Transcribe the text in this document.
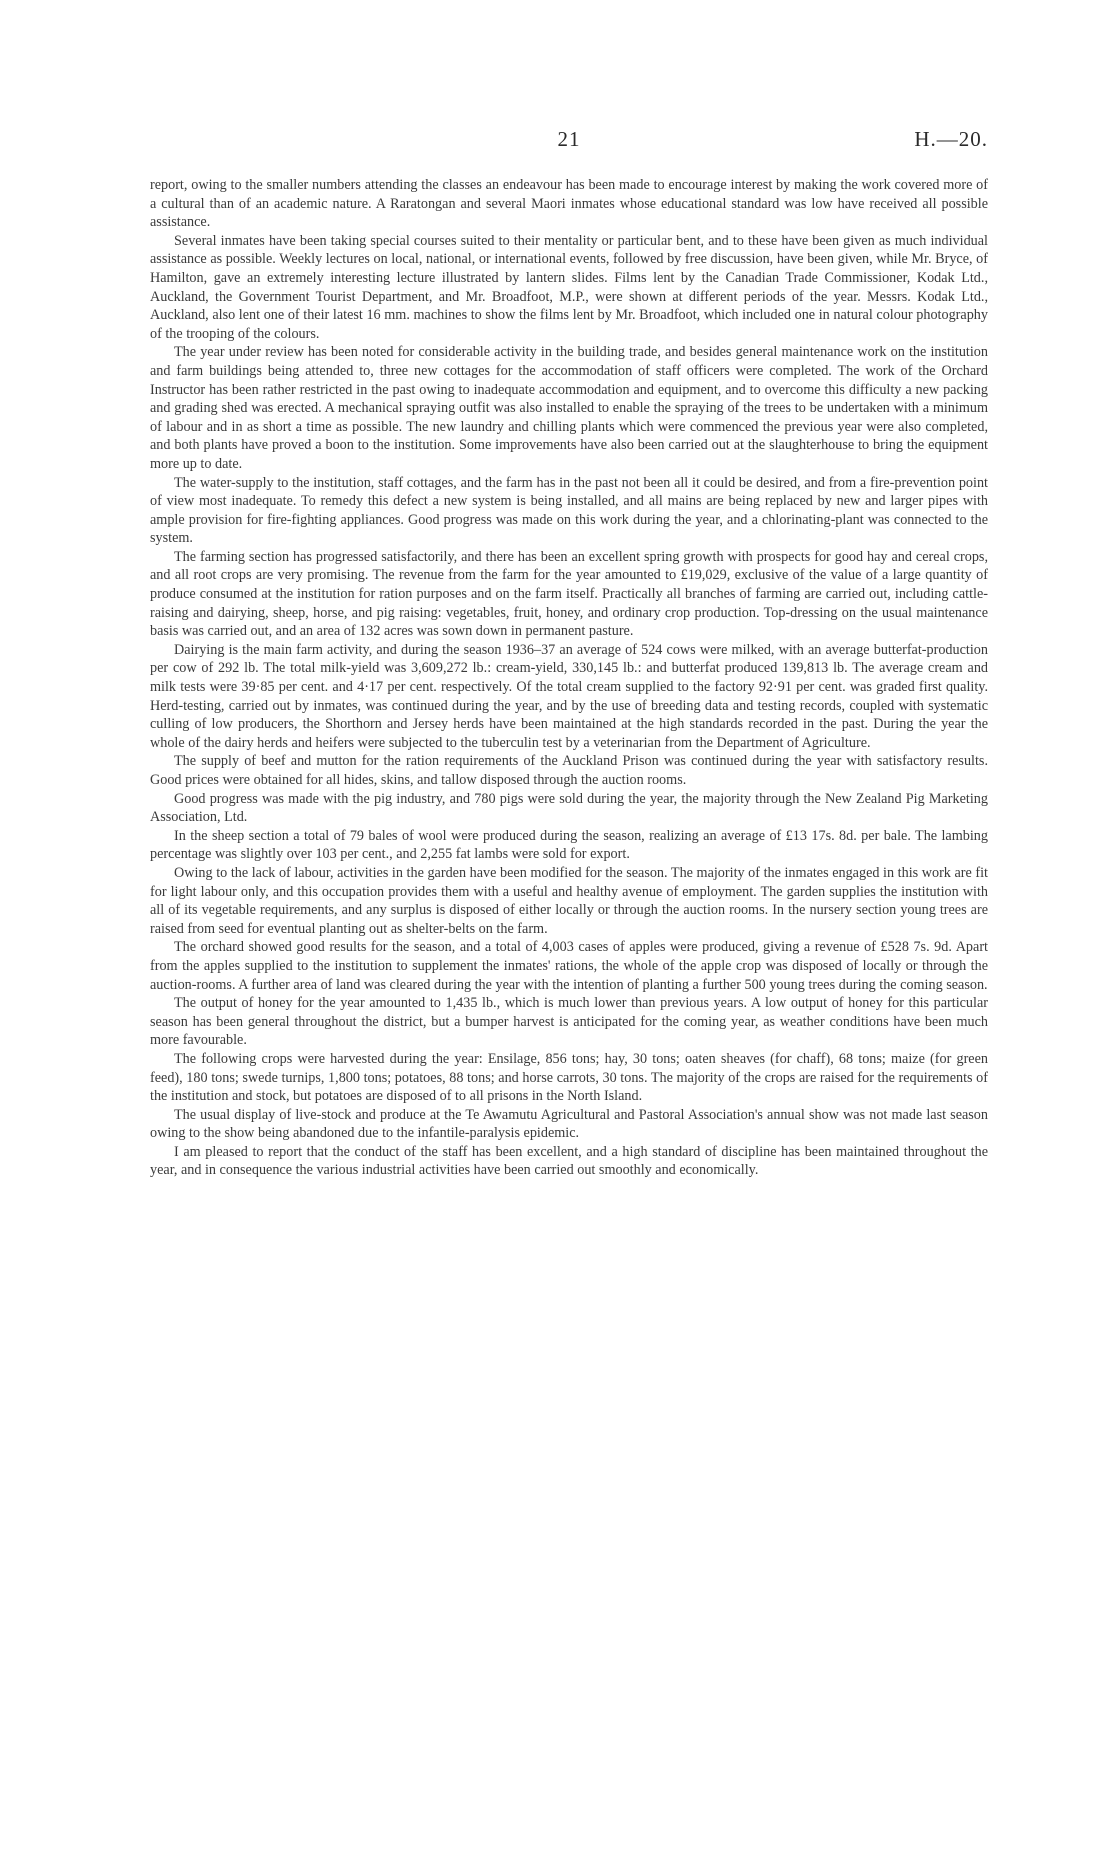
21	H.—20.

report, owing to the smaller numbers attending the classes an endeavour has been made to encourage interest by making the work covered more of a cultural than of an academic nature. A Raratongan and several Maori inmates whose educational standard was low have received all possible assistance.

Several inmates have been taking special courses suited to their mentality or particular bent, and to these have been given as much individual assistance as possible. Weekly lectures on local, national, or international events, followed by free discussion, have been given, while Mr. Bryce, of Hamilton, gave an extremely interesting lecture illustrated by lantern slides. Films lent by the Canadian Trade Commissioner, Kodak Ltd., Auckland, the Government Tourist Department, and Mr. Broadfoot, M.P., were shown at different periods of the year. Messrs. Kodak Ltd., Auckland, also lent one of their latest 16 mm. machines to show the films lent by Mr. Broadfoot, which included one in natural colour photography of the trooping of the colours.

The year under review has been noted for considerable activity in the building trade, and besides general maintenance work on the institution and farm buildings being attended to, three new cottages for the accommodation of staff officers were completed. The work of the Orchard Instructor has been rather restricted in the past owing to inadequate accommodation and equipment, and to overcome this difficulty a new packing and grading shed was erected. A mechanical spraying outfit was also installed to enable the spraying of the trees to be undertaken with a minimum of labour and in as short a time as possible. The new laundry and chilling plants which were commenced the previous year were also completed, and both plants have proved a boon to the institution. Some improvements have also been carried out at the slaughterhouse to bring the equipment more up to date.

The water-supply to the institution, staff cottages, and the farm has in the past not been all it could be desired, and from a fire-prevention point of view most inadequate. To remedy this defect a new system is being installed, and all mains are being replaced by new and larger pipes with ample provision for fire-fighting appliances. Good progress was made on this work during the year, and a chlorinating-plant was connected to the system.

The farming section has progressed satisfactorily, and there has been an excellent spring growth with prospects for good hay and cereal crops, and all root crops are very promising. The revenue from the farm for the year amounted to £19,029, exclusive of the value of a large quantity of produce consumed at the institution for ration purposes and on the farm itself. Practically all branches of farming are carried out, including cattle-raising and dairying, sheep, horse, and pig raising: vegetables, fruit, honey, and ordinary crop production. Top-dressing on the usual maintenance basis was carried out, and an area of 132 acres was sown down in permanent pasture.

Dairying is the main farm activity, and during the season 1936–37 an average of 524 cows were milked, with an average butterfat-production per cow of 292 lb. The total milk-yield was 3,609,272 lb.: cream-yield, 330,145 lb.: and butterfat produced 139,813 lb. The average cream and milk tests were 39·85 per cent. and 4·17 per cent. respectively. Of the total cream supplied to the factory 92·91 per cent. was graded first quality. Herd-testing, carried out by inmates, was continued during the year, and by the use of breeding data and testing records, coupled with systematic culling of low producers, the Shorthorn and Jersey herds have been maintained at the high standards recorded in the past. During the year the whole of the dairy herds and heifers were subjected to the tuberculin test by a veterinarian from the Department of Agriculture.

The supply of beef and mutton for the ration requirements of the Auckland Prison was continued during the year with satisfactory results. Good prices were obtained for all hides, skins, and tallow disposed through the auction rooms.

Good progress was made with the pig industry, and 780 pigs were sold during the year, the majority through the New Zealand Pig Marketing Association, Ltd.

In the sheep section a total of 79 bales of wool were produced during the season, realizing an average of £13 17s. 8d. per bale. The lambing percentage was slightly over 103 per cent., and 2,255 fat lambs were sold for export.

Owing to the lack of labour, activities in the garden have been modified for the season. The majority of the inmates engaged in this work are fit for light labour only, and this occupation provides them with a useful and healthy avenue of employment. The garden supplies the institution with all of its vegetable requirements, and any surplus is disposed of either locally or through the auction rooms. In the nursery section young trees are raised from seed for eventual planting out as shelter-belts on the farm.

The orchard showed good results for the season, and a total of 4,003 cases of apples were produced, giving a revenue of £528 7s. 9d. Apart from the apples supplied to the institution to supplement the inmates' rations, the whole of the apple crop was disposed of locally or through the auction-rooms. A further area of land was cleared during the year with the intention of planting a further 500 young trees during the coming season.

The output of honey for the year amounted to 1,435 lb., which is much lower than previous years. A low output of honey for this particular season has been general throughout the district, but a bumper harvest is anticipated for the coming year, as weather conditions have been much more favourable.

The following crops were harvested during the year: Ensilage, 856 tons; hay, 30 tons; oaten sheaves (for chaff), 68 tons; maize (for green feed), 180 tons; swede turnips, 1,800 tons; potatoes, 88 tons; and horse carrots, 30 tons. The majority of the crops are raised for the requirements of the institution and stock, but potatoes are disposed of to all prisons in the North Island.

The usual display of live-stock and produce at the Te Awamutu Agricultural and Pastoral Association's annual show was not made last season owing to the show being abandoned due to the infantile-paralysis epidemic.

I am pleased to report that the conduct of the staff has been excellent, and a high standard of discipline has been maintained throughout the year, and in consequence the various industrial activities have been carried out smoothly and economically.
